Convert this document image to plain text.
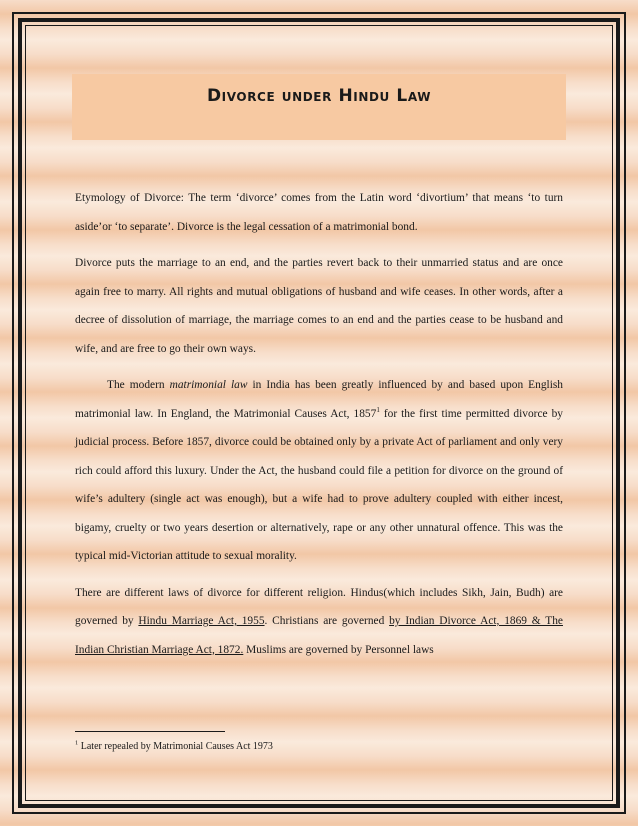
Divorce under Hindu Law

Etymology of Divorce: The term ‘divorce’ comes from the Latin word ‘divortium’ that means ‘to turn aside’or ‘to separate’. Divorce is the legal cessation of a matrimonial bond.

Divorce puts the marriage to an end, and the parties revert back to their unmarried status and are once again free to marry. All rights and mutual obligations of husband and wife ceases. In other words, after a decree of dissolution of marriage, the marriage comes to an end and the parties cease to be husband and wife, and are free to go their own ways.

The modern matrimonial law in India has been greatly influenced by and based upon English matrimonial law. In England, the Matrimonial Causes Act, 1857$^1$ for the first time permitted divorce by judicial process. Before 1857, divorce could be obtained only by a private Act of parliament and only very rich could afford this luxury. Under the Act, the husband could file a petition for divorce on the ground of wife’s adultery (single act was enough), but a wife had to prove adultery coupled with either incest, bigamy, cruelty or two years desertion or alternatively, rape or any other unnatural offence. This was the typical mid-Victorian attitude to sexual morality.

There are different laws of divorce for different religion. Hindus(which includes Sikh, Jain, Budh) are governed by Hindu Marriage Act, 1955. Christians are governed by Indian Divorce Act, 1869 & The Indian Christian Marriage Act, 1872. Muslims are governed by Personnel laws

$^1$ Later repealed by Matrimonial Causes Act 1973
